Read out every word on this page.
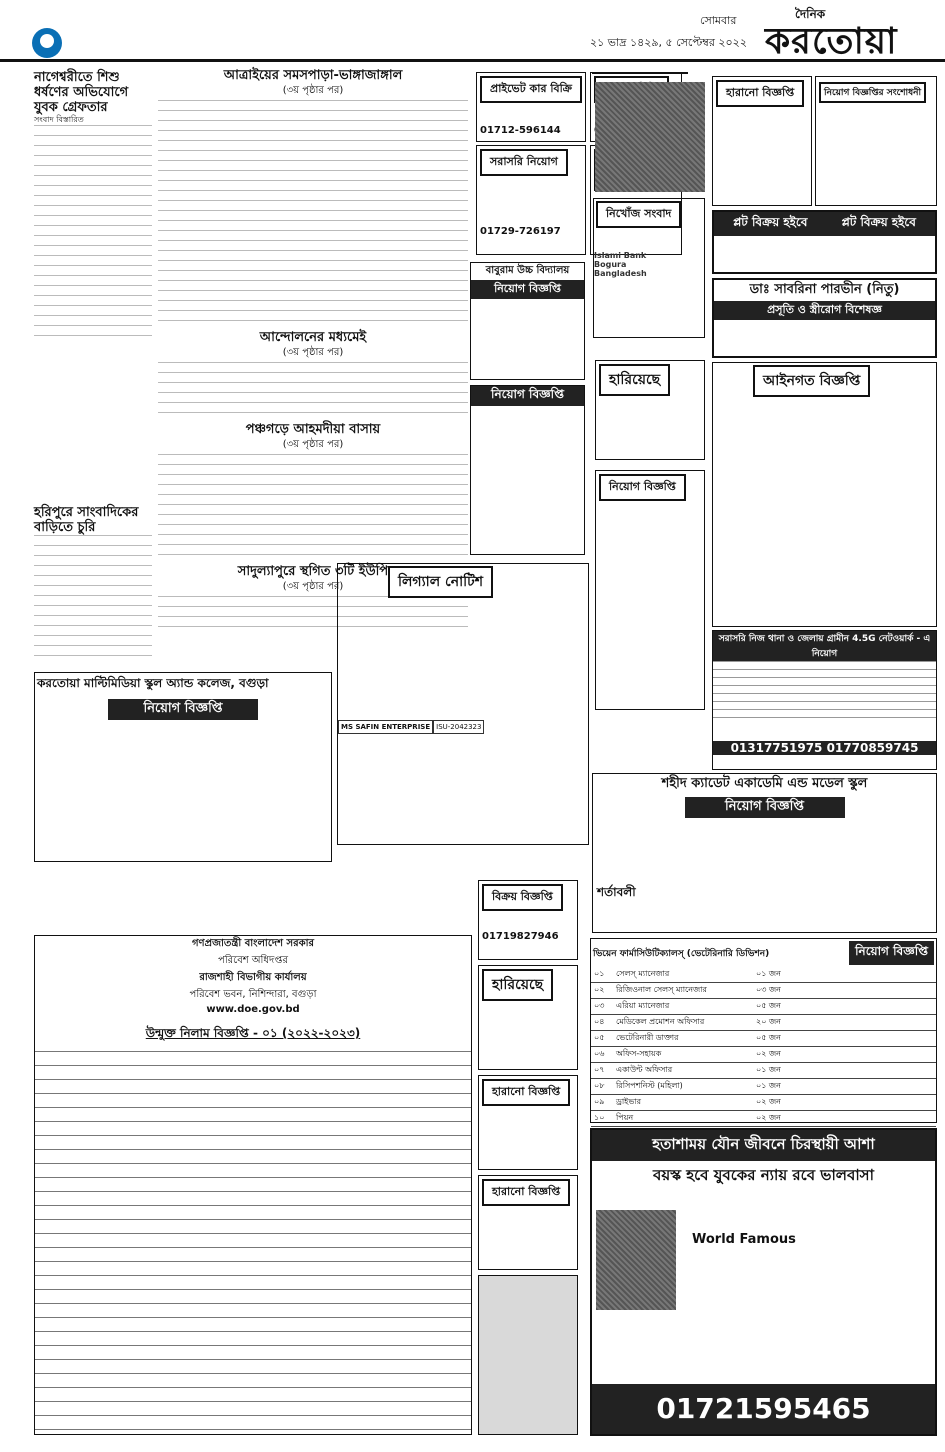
সোমবার
২১ ভাদ্র ১৪২৯, ৫ সেপ্টেম্বর ২০২২
দৈনিক
করতোয়া
নাগেশ্বরীতে শিশু ধর্ষণের অভিযোগে যুবক গ্রেফতার
সংবাদ বিস্তারিত
হরিপুরে সাংবাদিকের বাড়িতে চুরি
আত্রাইয়ের সমসপাড়া-ভাঙ্গাজাঙ্গাল
(৩য় পৃষ্ঠার পর)
আন্দোলনের মধ্যমেই
(৩য় পৃষ্ঠার পর)
পঞ্চগড়ে আহমদীয়া বাসায়
(৩য় পৃষ্ঠার পর)
সাদুল্যাপুরে স্থগিত ৩টি ইউপি
(৩য় পৃষ্ঠার পর)
প্রাইভেট কার বিক্রি
01712-596144
সরাসরি নিয়োগ
01729-726197
Islami Bank Bogura Bangladesh
নিখোঁজ সংবাদ
হারানো বিজ্ঞপ্তি	নিয়োগ বিজ্ঞপ্তির সংশোধনী
প্লট বিক্রয় হইবে	প্লট বিক্রয় হইবে
ডাঃ সাবরিনা পারভীন (নিতু)
প্রসূতি ও স্ত্রীরোগ বিশেষজ্ঞ
বাবুরাম উচ্চ বিদ্যালয়
নিয়োগ বিজ্ঞপ্তি
নিয়োগ বিজ্ঞপ্তি
হারিয়েছে
নিয়োগ বিজ্ঞপ্তি
আইনগত বিজ্ঞপ্তি
লিগ্যাল নোটিশ
MS SAFIN ENTERPRISE ISU-2042323
করতোয়া মাল্টিমিডিয়া স্কুল অ্যান্ড কলেজ, বগুড়া
নিয়োগ বিজ্ঞপ্তি
সরাসরি নিজ থানা ও জেলায় গ্রামীন 4.5G নেটওয়ার্ক - এ নিয়োগ
01317751975 01770859745
শহীদ ক্যাডেট একাডেমি এন্ড মডেল স্কুল
নিয়োগ বিজ্ঞপ্তি
শর্তাবলী
গণপ্রজাতন্ত্রী বাংলাদেশ সরকার
পরিবেশ অধিদপ্তর
রাজশাহী বিভাগীয় কার্যালয়
পরিবেশ ভবন, নিশিন্দারা, বগুড়া
www.doe.gov.bd
উন্মুক্ত নিলাম বিজ্ঞপ্তি - ০১ (২০২২-২০২৩)
বিক্রয় বিজ্ঞপ্তি
01719827946
হারিয়েছে
হারানো বিজ্ঞপ্তি
হারানো বিজ্ঞপ্তি
ভিয়েন ফার্মাসিউটিক্যালস্ (ভেটেরিনারি ডিভিশন)	নিয়োগ বিজ্ঞপ্তি
০১	সেলস্ ম্যানেজার	০১ জন
০২	রিজিওনাল সেলস্ ম্যানেজার	০৩ জন
০৩	এরিয়া ম্যানেজার	০৫ জন
০৪	মেডিকেল প্রমোশন অফিসার	২০ জন
০৫	ভেটেরিনারী ডাক্তার	০৫ জন
০৬	অফিস-সহায়ক	০২ জন
০৭	একাউন্ট অফিসার	০১ জন
০৮	রিসিপশনিস্ট (মহিলা)	০১ জন
০৯	ড্রাইভার	০২ জন
১০	পিয়ন	০২ জন
হতাশাময় যৌন জীবনে চিরস্থায়ী আশা
বয়স্ক হবে যুবকের ন্যায় রবে ভালবাসা
World Famous
01721595465
